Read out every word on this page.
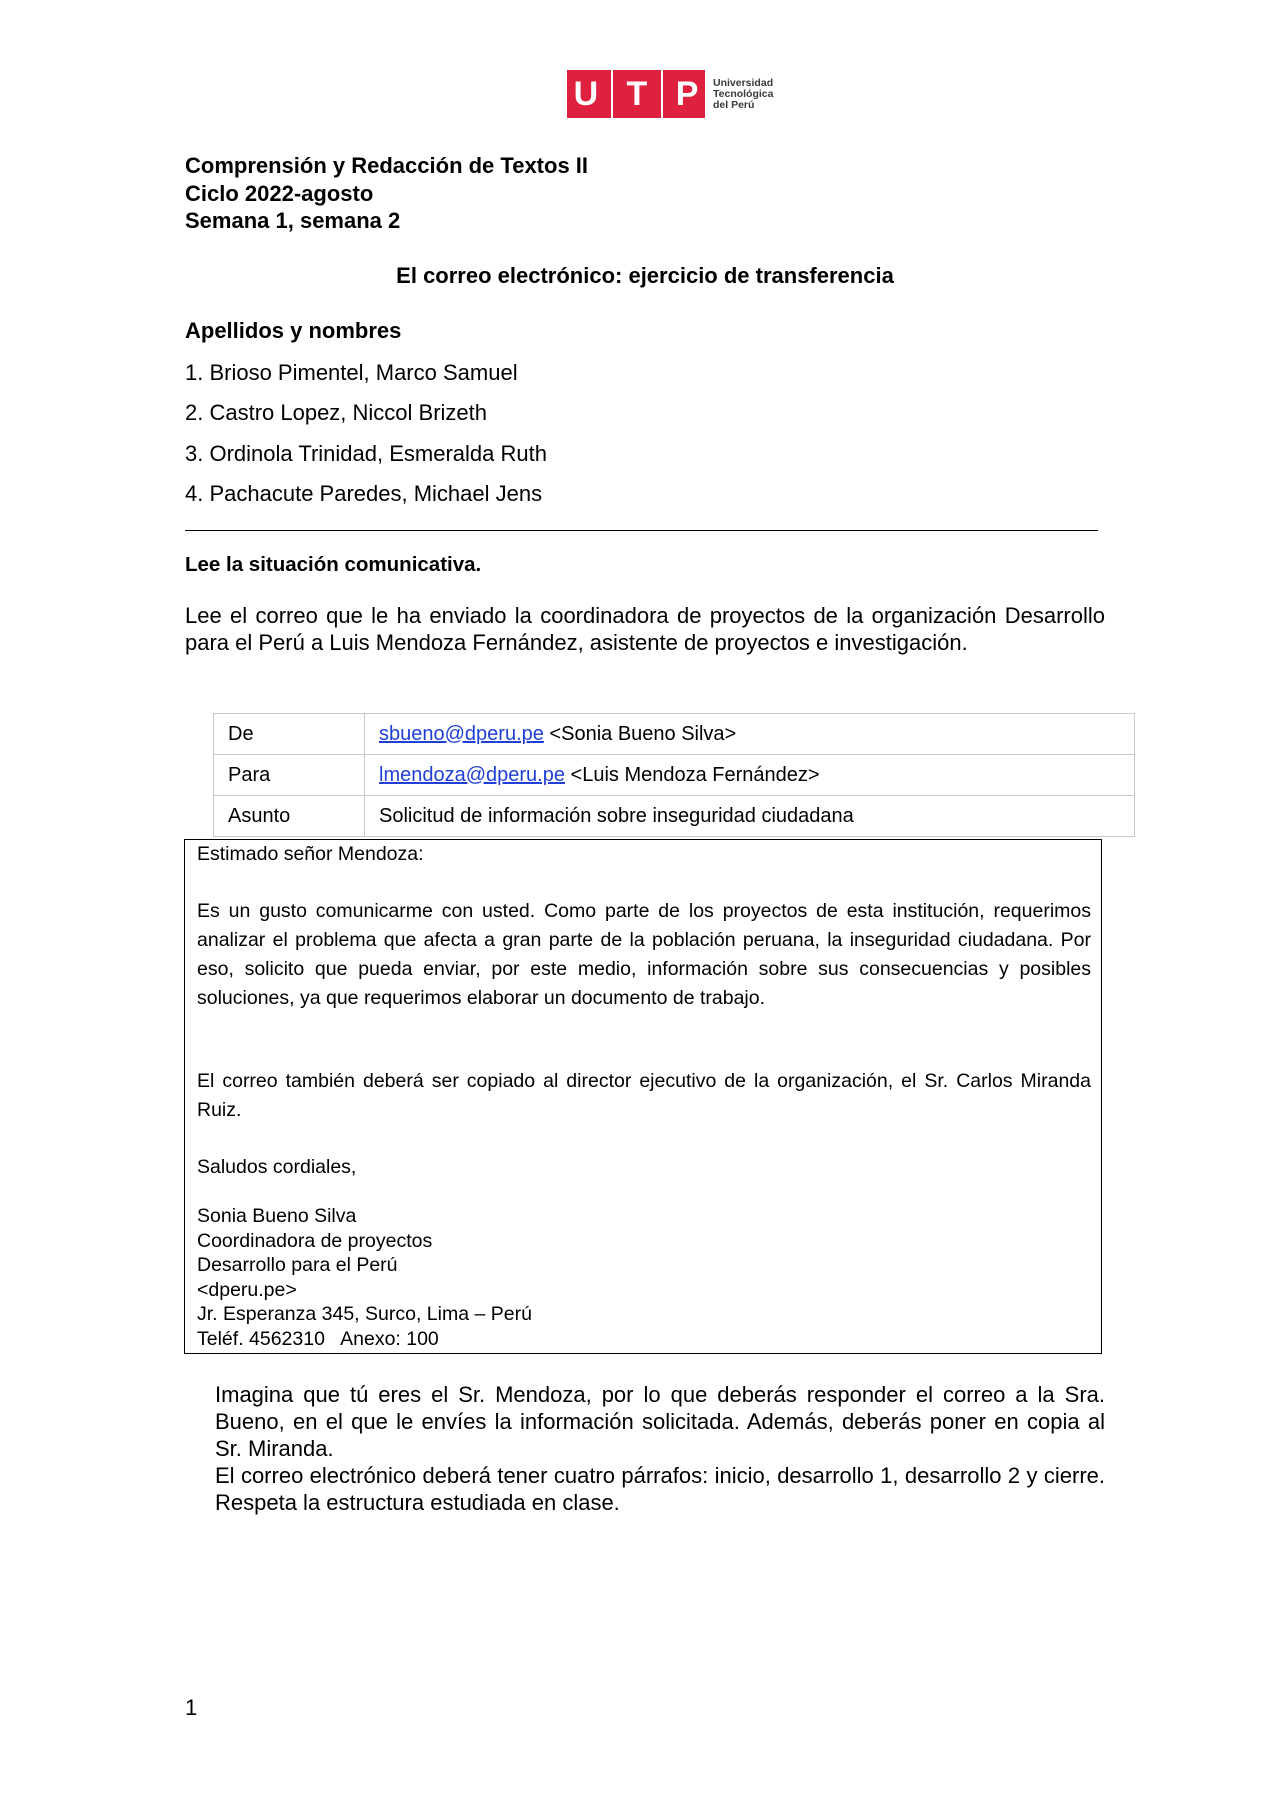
U T P Universidad
Tecnológica
del Perú
Comprensión y Redacción de Textos II
Ciclo 2022-agosto
Semana 1, semana 2
El correo electrónico: ejercicio de transferencia
Apellidos y nombres
1. Brioso Pimentel, Marco Samuel
2. Castro Lopez, Niccol Brizeth
3. Ordinola Trinidad, Esmeralda Ruth
4. Pachacute Paredes, Michael Jens
Lee la situación comunicativa.
Lee el correo que le ha enviado la coordinadora de proyectos de la organización Desarrollo para el Perú a Luis Mendoza Fernández, asistente de proyectos e investigación.
De	sbueno@dperu.pe <Sonia Bueno Silva>
Para	lmendoza@dperu.pe <Luis Mendoza Fernández>
Asunto	Solicitud de información sobre inseguridad ciudadana
Estimado señor Mendoza:
Es un gusto comunicarme con usted. Como parte de los proyectos de esta institución, requerimos analizar el problema que afecta a gran parte de la población peruana, la inseguridad ciudadana. Por eso, solicito que pueda enviar, por este medio, información sobre sus consecuencias y posibles soluciones, ya que requerimos elaborar un documento de trabajo.
El correo también deberá ser copiado al director ejecutivo de la organización, el Sr. Carlos Miranda Ruiz.
Saludos cordiales,
Sonia Bueno Silva
Coordinadora de proyectos
Desarrollo para el Perú
<dperu.pe>
Jr. Esperanza 345, Surco, Lima – Perú
Teléf. 4562310   Anexo: 100

Imagina que tú eres el Sr. Mendoza, por lo que deberás responder el correo a la Sra. Bueno, en el que le envíes la información solicitada. Además, deberás poner en copia al Sr. Miranda.

El correo electrónico deberá tener cuatro párrafos: inicio, desarrollo 1, desarrollo 2 y cierre. Respeta la estructura estudiada en clase.

1
